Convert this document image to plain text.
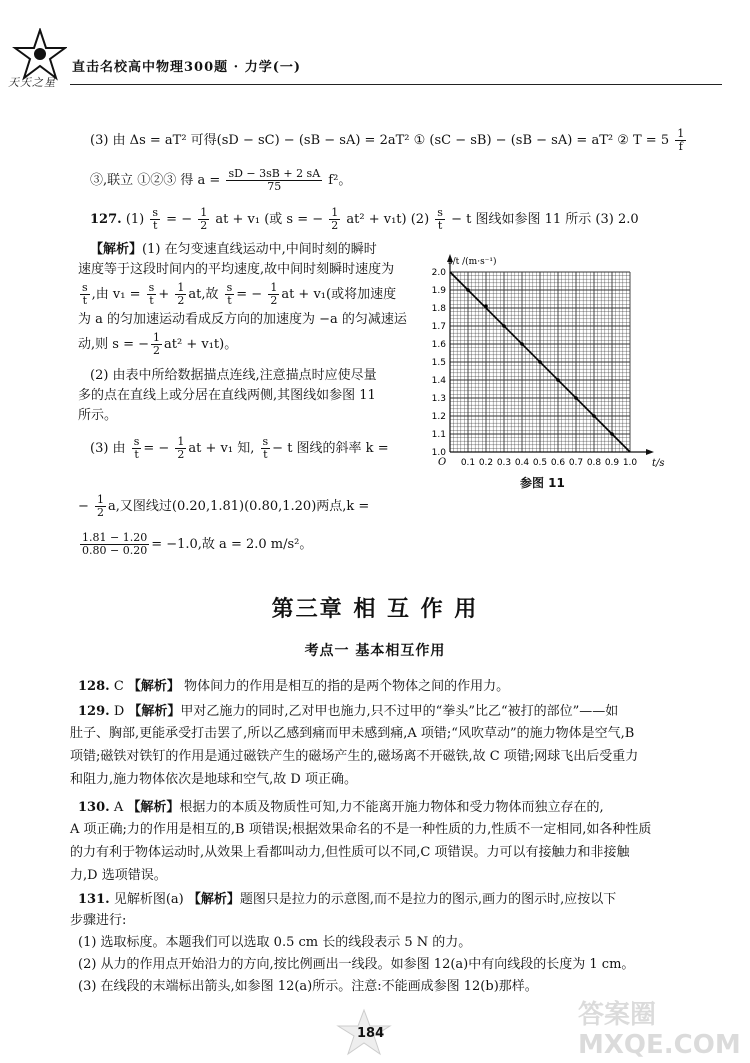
天天之星
直击名校高中物理300题 · 力学(一)
(3) 由 Δs = aT² 可得(sD − sC) − (sB − sA) = 2aT² ① (sC − sB) − (sB − sA) = aT² ② $T = 5 \frac{1}{f}$
③,联立 ①②③ 得 $a = \frac{sD - 3sB + 2 sA}{75} f^2$。
127. $(1) \frac{s}{t}$ = − $\frac{1}{2}$ at + v₁ (或 s = − $\frac{1}{2} at^2 + v_1t$) $(2) \frac{s}{t} - t$ 图线如参图 11 所示 (3) 2.0
【解析】(1) 在匀变速直线运动中,中间时刻的瞬时
速度等于这段时间内的平均速度,故中间时刻瞬时速度为
$\frac{s}{t}$ ,由 $v_1 = \frac{s}{t} + \frac{1}{2}$ at,故 $\frac{s}{t}$ = − $\frac{1}{2}$ at + v₁(或将加速度
为 a 的匀加速运动看成反方向的加速度为 −a 的匀减速运
动,则 s = − $\frac{1}{2} at^2 + v_1t$)。
(2) 由表中所给数据描点连线,注意描点时应使尽量
多的点在直线上或分居在直线两侧,其图线如参图 11
所示。
(3) 由 $\frac{s}{t}$ = − $\frac{1}{2}$ at + v₁ 知, $\frac{s}{t} - t$ 图线的斜率 k =
− $\frac{1}{2} a$,又图线过(0.20,1.81)(0.80,1.20)两点,k =
$\frac{1.81 - 1.20}{0.80 - 0.20} = -1.0$,故 a = 2.0 m/s²。
0.1 0.2 0.3 0.4 0.5 0.6 0.7 0.8 0.9 1.0
1.0
1.1
1.2
1.3
1.4
1.5
1.6
1.7
1.8
1.9
2.0
O	t/s
s/t /(m·s⁻¹)
参图 11
第三章 相 互 作 用
考点一 基本相互作用
128. C 【解析】 物体间力的作用是相互的指的是两个物体之间的作用力。
129. D 【解析】甲对乙施力的同时,乙对甲也施力,只不过甲的“拳头”比乙“被打的部位”——如
肚子、胸部,更能承受打击罢了,所以乙感到痛而甲未感到痛,A 项错;“风吹草动”的施力物体是空气,B
项错;磁铁对铁钉的作用是通过磁铁产生的磁场产生的,磁场离不开磁铁,故 C 项错;网球飞出后受重力
和阻力,施力物体依次是地球和空气,故 D 项正确。
130. A 【解析】根据力的本质及物质性可知,力不能离开施力物体和受力物体而独立存在的,
A 项正确;力的作用是相互的,B 项错误;根据效果命名的不是一种性质的力,性质不一定相同,如各种性质
的力有利于物体运动时,从效果上看都叫动力,但性质可以不同,C 项错误。力可以有接触力和非接触
力,D 选项错误。
131. 见解析图(a) 【解析】题图只是拉力的示意图,而不是拉力的图示,画力的图示时,应按以下
步骤进行:
(1) 选取标度。本题我们可以选取 0.5 cm 长的线段表示 5 N 的力。
(2) 从力的作用点开始沿力的方向,按比例画出一线段。如参图 12(a)中有向线段的长度为 1 cm。
(3) 在线段的末端标出箭头,如参图 12(a)所示。注意:不能画成参图 12(b)那样。
184
答案圈 MXQE.COM
